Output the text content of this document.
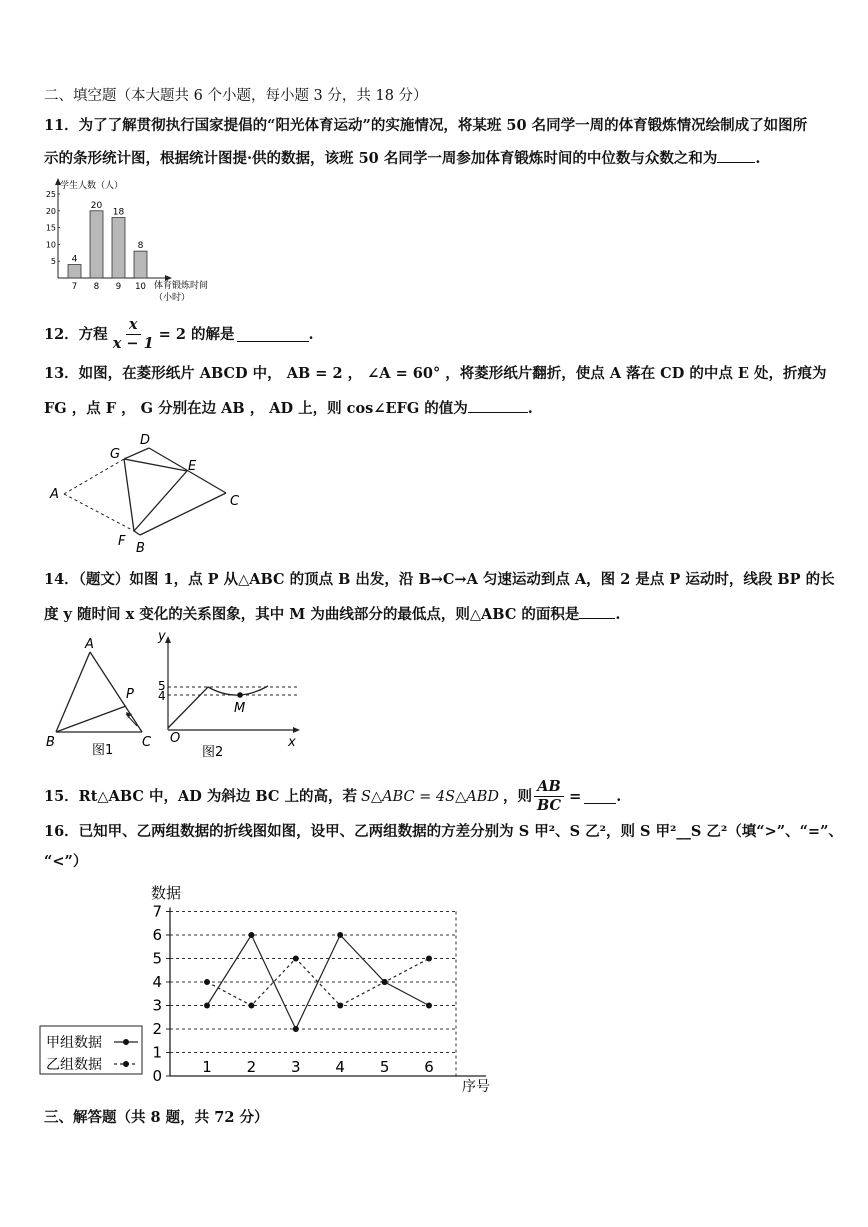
二、填空题（本大题共 6 个小题，每小题 3 分，共 18 分）
11．为了了解贯彻执行国家提倡的“阳光体育运动”的实施情况，将某班 50 名同学一周的体育锻炼情况绘制成了如图所
示的条形统计图，根据统计图提·供的数据，该班 50 名同学一周参加体育锻炼时间的中位数与众数之和为	.
学生人数（人）
5
10
15
20
25
4
7
20
8
18
9
8
10 体育锻炼时间
（小时）
12．方程 $\frac{x}{x - 1} = 2$ 的解是	.
13．如图，在菱形纸片 ABCD 中， AB = 2 ， ∠A = 60° ，将菱形纸片翻折，使点 A 落在 CD 的中点 E 处，折痕为
FG ，点 F ， G 分别在边 AB ， AD 上，则 cos∠EFG 的值为	.
A
G
D
E
C
F B
14．（题文）如图 1，点 P 从△ABC 的顶点 B 出发，沿 B→C→A 匀速运动到点 A，图 2 是点 P 运动时，线段 BP 的长
度 y 随时间 x 变化的关系图象，其中 M 为曲线部分的最低点，则△ABC 的面积是 .
A
B	C
P
图1
y
x
O
5
4
M
图2
15．Rt△ABC 中，AD 为斜边 BC 上的高，若 S△ABC = 4S△ABD ，则 $\frac{AB}{BC}$ = .
16．已知甲、乙两组数据的折线图如图，设甲、乙两组数据的方差分别为 S 甲²、S 乙²，则 S 甲²__S 乙²（填“>”、“=”、
“<”）
0
1
2
3
4
5
6
7
数据
序号
1 2 3 4 5 6
甲组数据
乙组数据
三、解答题（共 8 题，共 72 分）
